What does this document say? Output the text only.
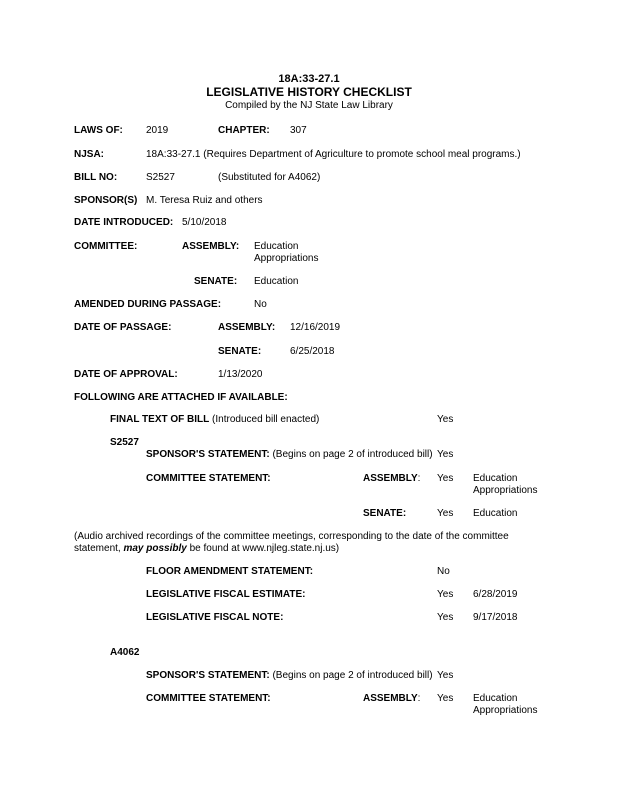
18A:33-27.1
LEGISLATIVE HISTORY CHECKLIST
Compiled by the NJ State Law Library
LAWS OF: 2019	CHAPTER: 307
NJSA:	18A:33-27.1 (Requires Department of Agriculture to promote school meal programs.)
BILL NO:	S2527	(Substituted for A4062)
SPONSOR(S) M. Teresa Ruiz and others
DATE INTRODUCED: 5/10/2018
COMMITTEE:	ASSEMBLY: Education
Appropriations
SENATE: Education
AMENDED DURING PASSAGE:	No
DATE OF PASSAGE:	ASSEMBLY: 12/16/2019
SENATE:	6/25/2018
DATE OF APPROVAL:	1/13/2020
FOLLOWING ARE ATTACHED IF AVAILABLE:
FINAL TEXT OF BILL (Introduced bill enacted)	Yes
S2527
SPONSOR'S STATEMENT: (Begins on page 2 of introduced bill) Yes
COMMITTEE STATEMENT:	ASSEMBLY: Yes Education
Appropriations
SENATE:	Yes Education
(Audio archived recordings of the committee meetings, corresponding to the date of the committee
statement, may possibly be found at www.njleg.state.nj.us)
FLOOR AMENDMENT STATEMENT:	No
LEGISLATIVE FISCAL ESTIMATE:	Yes 6/28/2019
LEGISLATIVE FISCAL NOTE:	Yes 9/17/2018
A4062
SPONSOR'S STATEMENT: (Begins on page 2 of introduced bill) Yes
COMMITTEE STATEMENT:	ASSEMBLY: Yes Education
Appropriations
